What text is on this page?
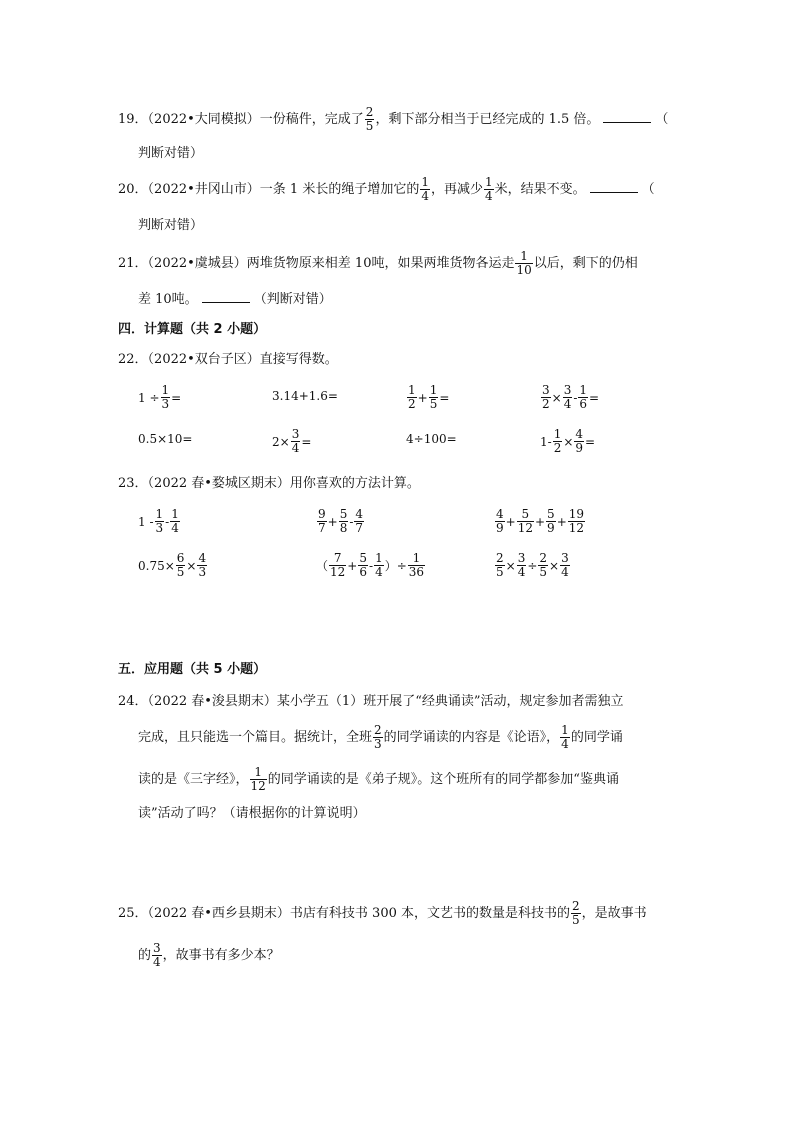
19．（2022•大同模拟）一份稿件，完成了 $\frac{2}{5}$ ，剩下部分相当于已经完成的 1.5 倍。	（
判断对错）
20．（2022•井冈山市）一条 1 米长的绳子增加它的 $\frac{1}{4}$ ，再减少 $\frac{1}{4}$ 米，结果不变。	（
判断对错）
21．（2022•虞城县）两堆货物原来相差 10吨，如果两堆货物各运走 $\frac{1}{10}$ 以后，剩下的仍相
差 10吨。	（判断对错）
四．计算题（共 2 小题）
22．（2022•双台子区）直接写得数。
$1 \div \frac{1}{3}$ =	3.14+1.6=	$\frac{1}{2} + \frac{1}{5}$ =	$\frac{3}{2} \times \frac{3}{4} - \frac{1}{6}$ =
0.5×10=	$2\times \frac{3}{4}$ =	4÷100=	$1- \frac{1}{2} \times \frac{4}{9}$ =
23．（2022 春•婺城区期末）用你喜欢的方法计算。
$1 - \frac{1}{3} - \frac{1}{4}$	$\frac{9}{7} + \frac{5}{8} - \frac{4}{7}$	$\frac{4}{9} + \frac{5}{12} + \frac{5}{9} + \frac{19}{12}$
$0.75\times \frac{6}{5} \times \frac{4}{3}$	（ $\frac{7}{12} + \frac{5}{6} - \frac{1}{4}$ ）÷ $\frac{1}{36}$	$\frac{2}{5} \times \frac{3}{4} \div \frac{2}{5} \times \frac{3}{4}$
五．应用题（共 5 小题）
24．（2022 春•浚县期末）某小学五（1）班开展了“经典诵读”活动，规定参加者需独立
完成，且只能选一个篇目。据统计，全班 $\frac{2}{3}$ 的同学诵读的内容是《论语》， $\frac{1}{4}$ 的同学诵
读的是《三字经》， $\frac{1}{12}$ 的同学诵读的是《弟子规》。这个班所有的同学都参加“鉴典诵
读”活动了吗？（请根据你的计算说明）
25．（2022 春•西乡县期末）书店有科技书 300 本，文艺书的数量是科技书的 $\frac{2}{5}$ ，是故事书
的 $\frac{3}{4}$ ，故事书有多少本？
